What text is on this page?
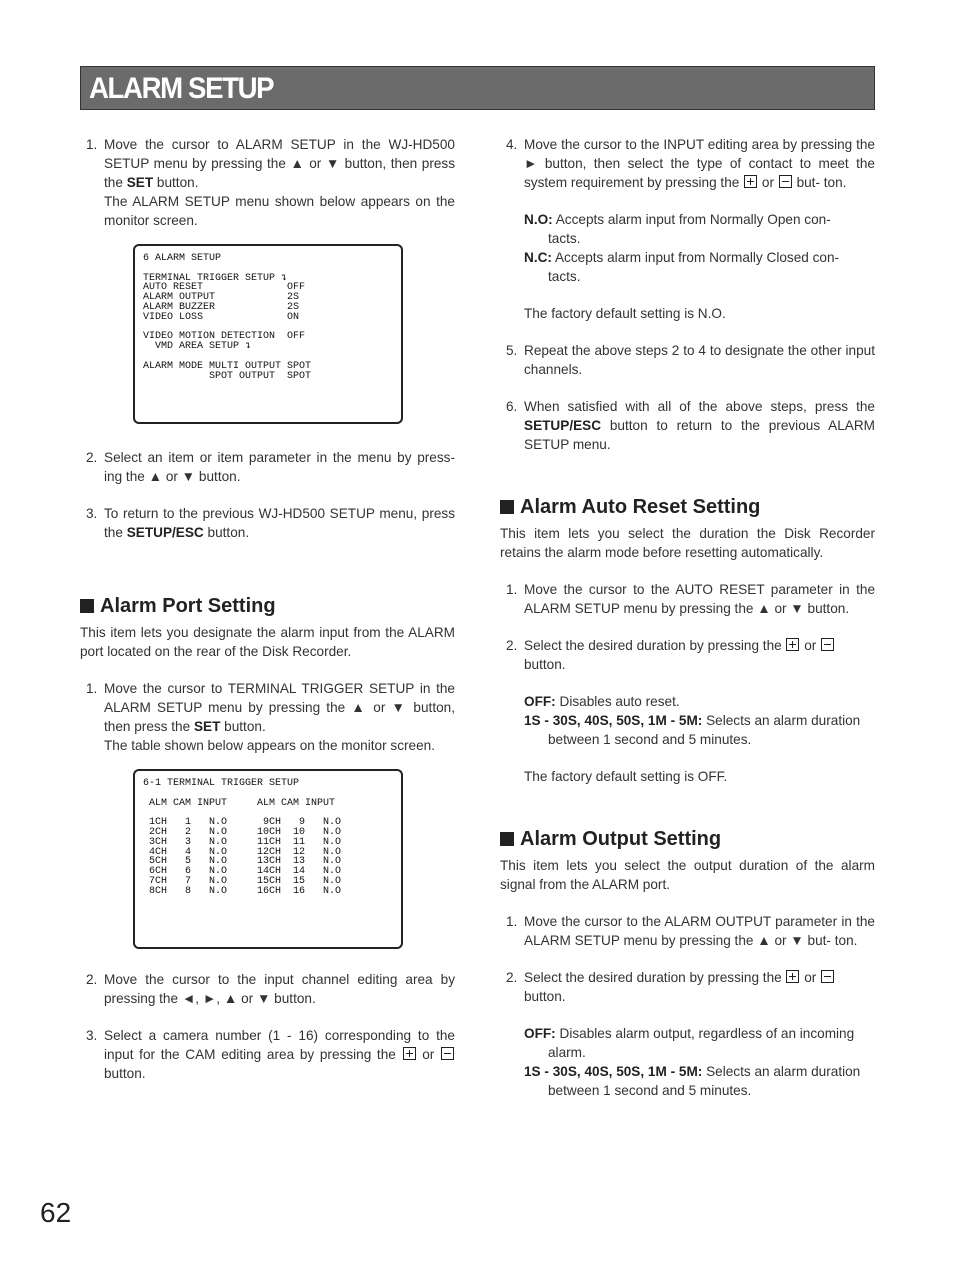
ALARM SETUP
1. Move the cursor to ALARM SETUP in the WJ-HD500 SETUP menu by pressing the ▲ or ▼ button, then press the SET button.
The ALARM SETUP menu shown below appears on the monitor screen.
6 ALARM SETUP

TERMINAL TRIGGER SETUP ↴
AUTO RESET              OFF
ALARM OUTPUT            2S
ALARM BUZZER            2S
VIDEO LOSS              ON

VIDEO MOTION DETECTION  OFF
VMD AREA SETUP ↴

ALARM MODE MULTI OUTPUT SPOT
SPOT OUTPUT  SPOT
2. Select an item or item parameter in the menu by press- ing the ▲ or ▼ button.
3. To return to the previous WJ-HD500 SETUP menu, press the SETUP/ESC button.
Alarm Port Setting
This item lets you designate the alarm input from the ALARM port located on the rear of the Disk Recorder.
1. Move the cursor to TERMINAL TRIGGER SETUP in the ALARM SETUP menu by pressing the ▲ or ▼ button, then press the SET button.
The table shown below appears on the monitor screen.
6-1 TERMINAL TRIGGER SETUP

ALM CAM INPUT     ALM CAM INPUT

1CH   1   N.O      9CH   9   N.O
2CH   2   N.O     10CH  10   N.O
3CH   3   N.O     11CH  11   N.O
4CH   4   N.O     12CH  12   N.O
5CH   5   N.O     13CH  13   N.O
6CH   6   N.O     14CH  14   N.O
7CH   7   N.O     15CH  15   N.O
8CH   8   N.O     16CH  16   N.O
2. Move the cursor to the input channel editing area by pressing the ◄, ►, ▲ or ▼ button.
3. Select a camera number (1 - 16) corresponding to the input for the CAM editing area by pressing the or  button.
4. Move the cursor to the INPUT editing area by pressing the ► button, then select the type of contact to meet the system requirement by pressing the or but- ton.
N.O: Accepts alarm input from Normally Open con-
tacts.
N.C: Accepts alarm input from Normally Closed con-
tacts.
The factory default setting is N.O.
5. Repeat the above steps 2 to 4 to designate the other input channels.
6. When satisfied with all of the above steps, press the SETUP/ESC button to return to the previous ALARM SETUP menu.
Alarm Auto Reset Setting
This item lets you select the duration the Disk Recorder retains the alarm mode before resetting automatically.
1. Move the cursor to the AUTO RESET parameter in the ALARM SETUP menu by pressing the ▲ or ▼ button.
2. Select the desired duration by pressing the or
button.
OFF: Disables auto reset.
1S - 30S, 40S, 50S, 1M - 5M: Selects an alarm duration
between 1 second and 5 minutes.
The factory default setting is OFF.
Alarm Output Setting
This item lets you select the output duration of the alarm signal from the ALARM port.
1. Move the cursor to the ALARM OUTPUT parameter in the ALARM SETUP menu by pressing the ▲ or ▼ but- ton.
2. Select the desired duration by pressing the or
button.
OFF: Disables alarm output, regardless of an incoming
alarm.
1S - 30S, 40S, 50S, 1M - 5M: Selects an alarm duration
between 1 second and 5 minutes.
62
